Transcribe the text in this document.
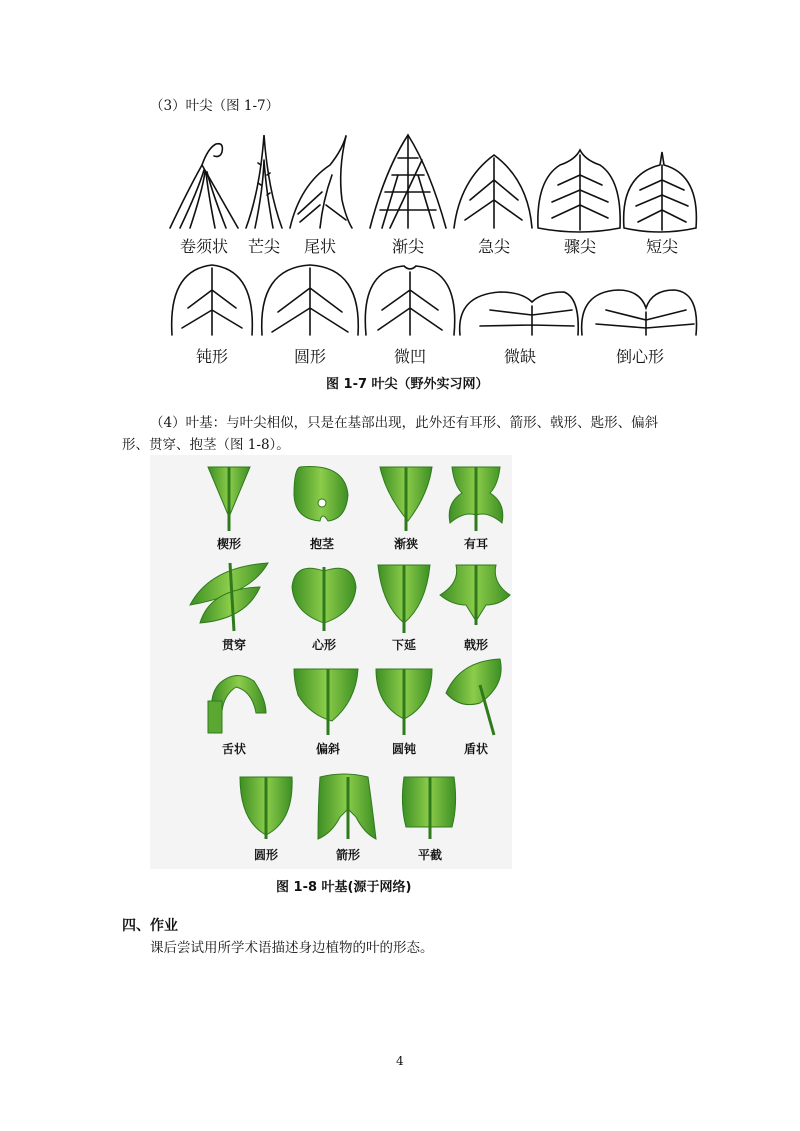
（3）叶尖（图 1-7）
卷须状 芒尖 尾状	渐尖	急尖	骤尖	短尖
钝形	圆形	微凹	微缺	倒心形
图 1-7 叶尖（野外实习网）
（4）叶基：与叶尖相似，只是在基部出现，此外还有耳形、箭形、戟形、匙形、偏斜
形、贯穿、抱茎（图 1-8）。
楔形	抱茎	渐狭	有耳
贯穿	心形	下延	戟形
舌状	偏斜	圆钝	盾状
圆形	箭形	平截
图 1-8 叶基(源于网络)
四、作业
课后尝试用所学术语描述身边植物的叶的形态。
4
